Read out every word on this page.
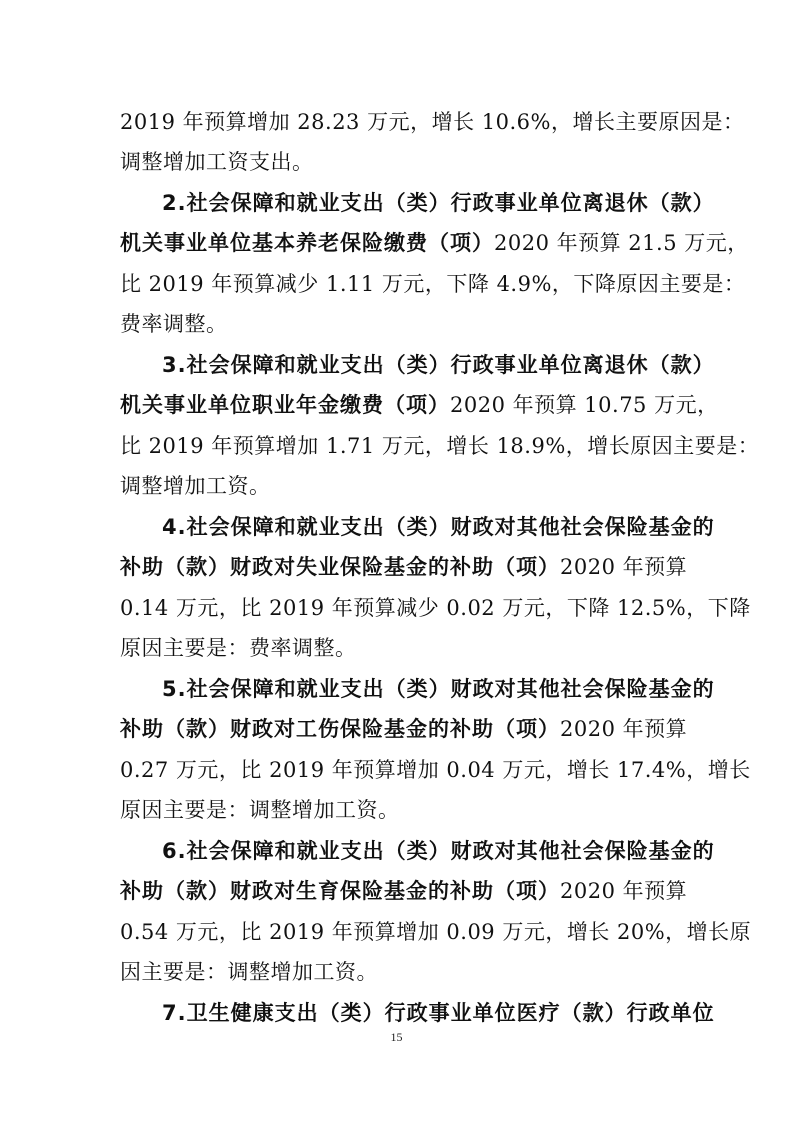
2019 年预算增加 28.23 万元，增长 10.6%，增长主要原因是：
调整增加工资支出。
2.社会保障和就业支出（类）行政事业单位离退休（款）
机关事业单位基本养老保险缴费（项）2020 年预算 21.5 万元，
比 2019 年预算减少 1.11 万元，下降 4.9%，下降原因主要是：
费率调整。
3.社会保障和就业支出（类）行政事业单位离退休（款）
机关事业单位职业年金缴费（项）2020 年预算 10.75 万元，
比 2019 年预算增加 1.71 万元，增长 18.9%，增长原因主要是：
调整增加工资。
4.社会保障和就业支出（类）财政对其他社会保险基金的
补助（款）财政对失业保险基金的补助（项）2020 年预算
0.14 万元，比 2019 年预算减少 0.02 万元，下降 12.5%，下降
原因主要是：费率调整。
5.社会保障和就业支出（类）财政对其他社会保险基金的
补助（款）财政对工伤保险基金的补助（项）2020 年预算
0.27 万元，比 2019 年预算增加 0.04 万元，增长 17.4%，增长
原因主要是：调整增加工资。
6.社会保障和就业支出（类）财政对其他社会保险基金的
补助（款）财政对生育保险基金的补助（项）2020 年预算
0.54 万元，比 2019 年预算增加 0.09 万元，增长 20%，增长原
因主要是：调整增加工资。
7.卫生健康支出（类）行政事业单位医疗（款）行政单位
15
